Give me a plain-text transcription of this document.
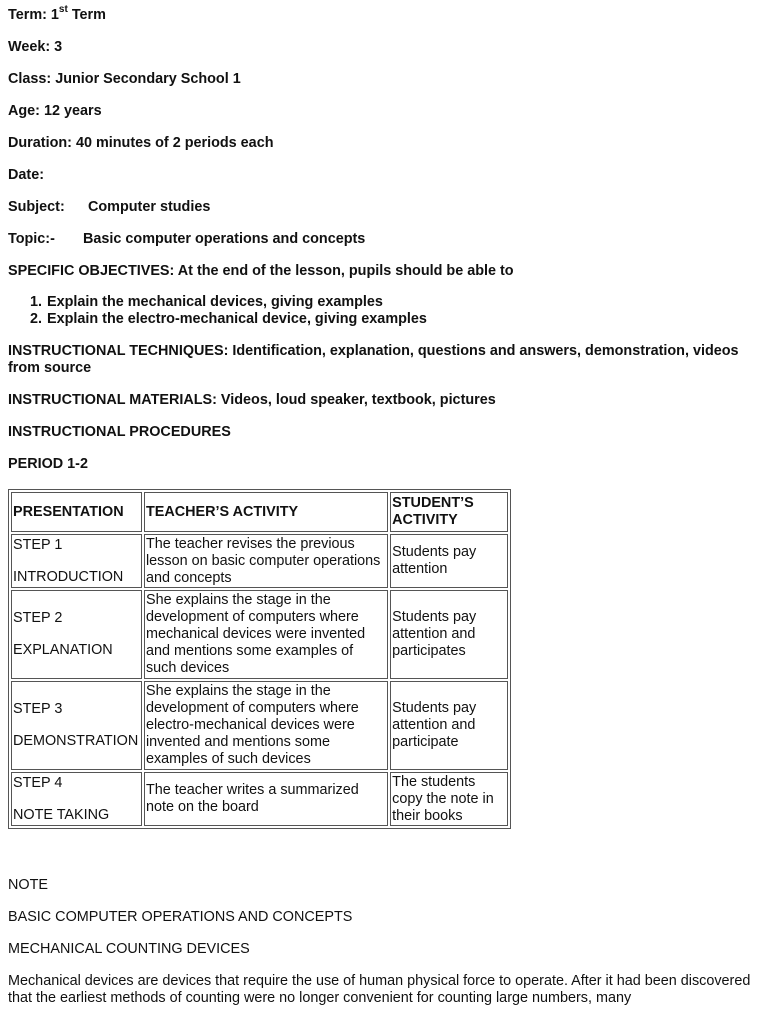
Term: 1st Term

Week: 3

Class: Junior Secondary School 1

Age: 12 years

Duration: 40 minutes of 2 periods each

Date:

Subject: Computer studies

Topic:- Basic computer operations and concepts

SPECIFIC OBJECTIVES: At the end of the lesson, pupils should be able to

1. Explain the mechanical devices, giving examples
2. Explain the electro-mechanical device, giving examples

INSTRUCTIONAL TECHNIQUES: Identification, explanation, questions and answers, demonstration, videos from source

INSTRUCTIONAL MATERIALS: Videos, loud speaker, textbook, pictures

INSTRUCTIONAL PROCEDURES

PERIOD 1-2

PRESENTATION	TEACHER’S ACTIVITY	STUDENT’S ACTIVITY

STEP 1
INTRODUCTION	The teacher revises the previous lesson on basic computer operations and concepts	Students pay attention

STEP 2
EXPLANATION	She explains the stage in the development of computers where mechanical devices were invented and mentions some examples of such devices	Students pay attention and participates

STEP 3
DEMONSTRATION	She explains the stage in the development of computers where electro-mechanical devices were invented and mentions some examples of such devices	Students pay attention and participate

STEP 4
NOTE TAKING	The teacher writes a summarized note on the board	The students copy the note in their books

NOTE

BASIC COMPUTER OPERATIONS AND CONCEPTS

MECHANICAL COUNTING DEVICES

Mechanical devices are devices that require the use of human physical force to operate. After it had been discovered that the earliest methods of counting were no longer convenient for counting large numbers, many
